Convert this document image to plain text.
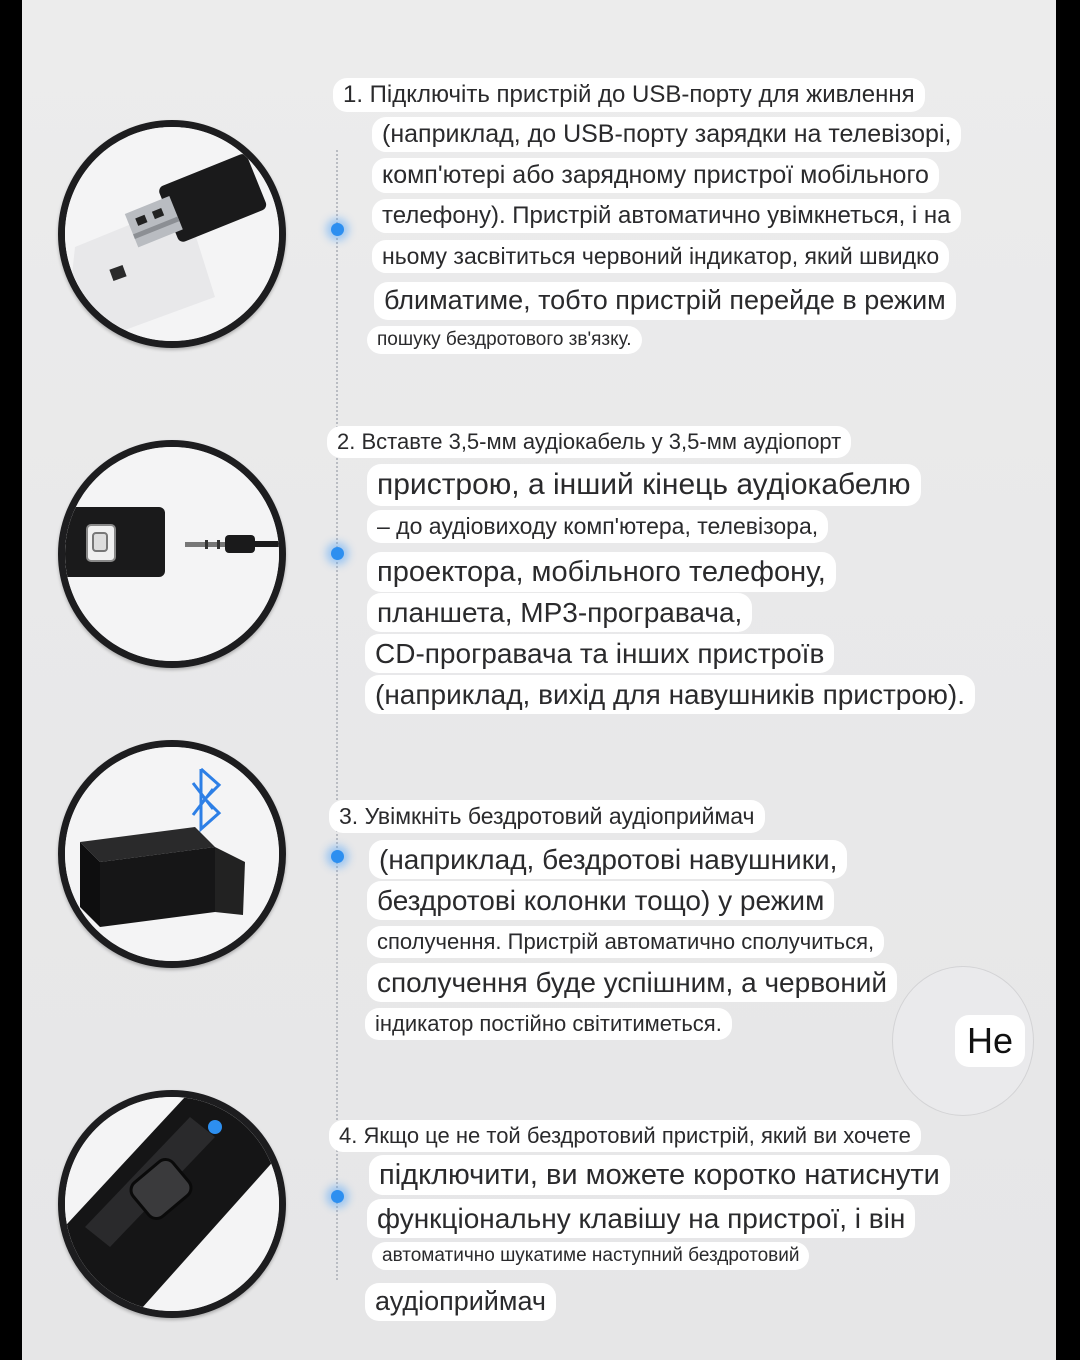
1. Підключіть пристрій до USB-порту для живлення
(наприклад, до USB-порту зарядки на телевізорі,
комп'ютері або зарядному пристрої мобільного
телефону). Пристрій автоматично увімкнеться, і на
ньому засвітиться червоний індикатор, який швидко
блиматиме, тобто пристрій перейде в режим
пошуку бездротового зв'язку.
2. Вставте 3,5-мм аудіокабель у 3,5-мм аудіопорт
пристрою, а інший кінець аудіокабелю
– до аудіовиходу комп'ютера, телевізора,
проектора, мобільного телефону,
планшета, MP3-програвача,
CD-програвача та інших пристроїв
(наприклад, вихід для навушників пристрою).
3. Увімкніть бездротовий аудіоприймач
(наприклад, бездротові навушники,
бездротові колонки тощо) у режим
сполучення. Пристрій автоматично сполучиться,
сполучення буде успішним, а червоний
індикатор постійно світитиметься.
4. Якщо це не той бездротовий пристрій, який ви хочете
підключити, ви можете коротко натиснути
функціональну клавішу на пристрої, і він
автоматично шукатиме наступний бездротовий
аудіоприймач
Не
